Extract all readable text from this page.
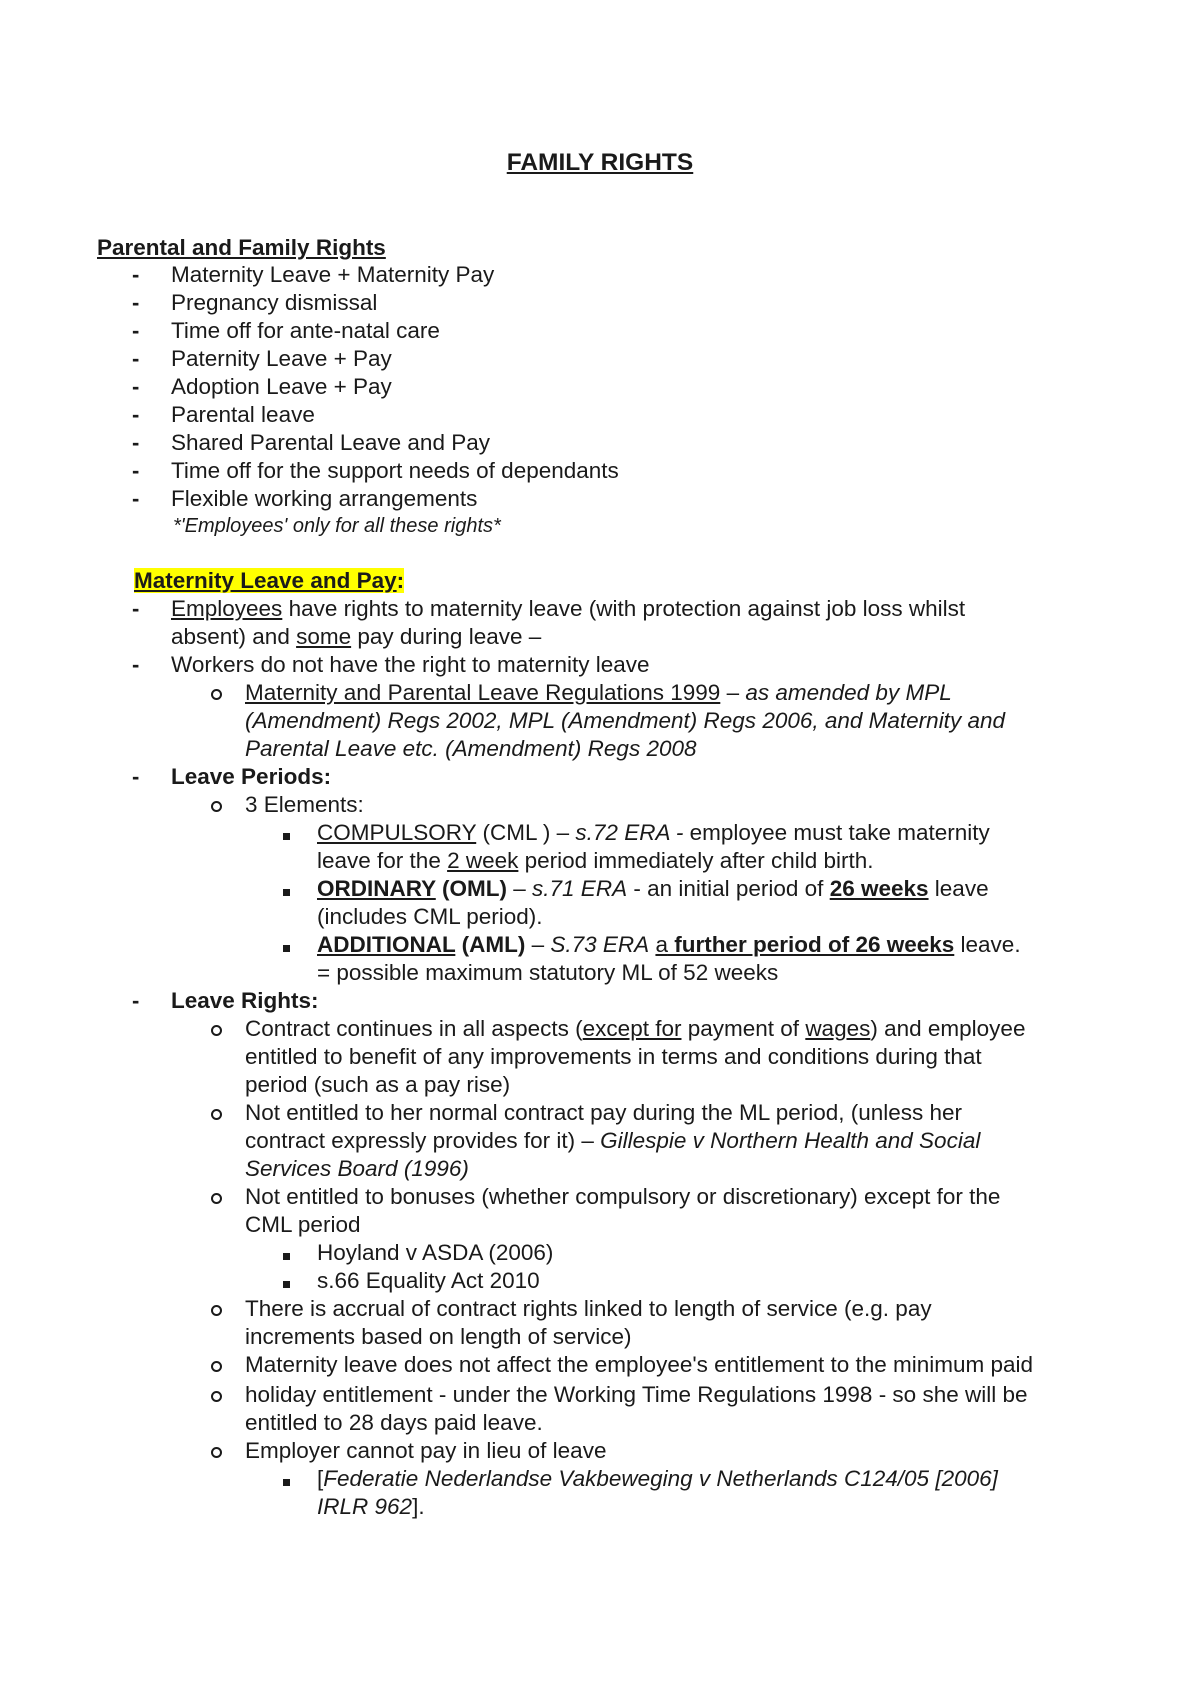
FAMILY RIGHTS
Parental and Family Rights
- Maternity Leave + Maternity Pay
- Pregnancy dismissal
- Time off for ante-natal care
- Paternity Leave + Pay
- Adoption Leave + Pay
- Parental leave
- Shared Parental Leave and Pay
- Time off for the support needs of dependants
- Flexible working arrangements
*'Employees' only for all these rights*
Maternity Leave and Pay:
- Employees have rights to maternity leave (with protection against job loss whilst
absent) and some pay during leave –
- Workers do not have the right to maternity leave
Maternity and Parental Leave Regulations 1999 – as amended by MPL
(Amendment) Regs 2002, MPL (Amendment) Regs 2006, and Maternity and
Parental Leave etc. (Amendment) Regs 2008
- Leave Periods:
3 Elements:
COMPULSORY (CML ) – s.72 ERA - employee must take maternity
leave for the 2 week period immediately after child birth.
ORDINARY (OML) – s.71 ERA - an initial period of 26 weeks leave
(includes CML period).
ADDITIONAL (AML) – S.73 ERA a further period of 26 weeks leave.
= possible maximum statutory ML of 52 weeks
- Leave Rights:
Contract continues in all aspects (except for payment of wages) and employee
entitled to benefit of any improvements in terms and conditions during that
period (such as a pay rise)
Not entitled to her normal contract pay during the ML period, (unless her
contract expressly provides for it) – Gillespie v Northern Health and Social
Services Board (1996)
Not entitled to bonuses (whether compulsory or discretionary) except for the
CML period
Hoyland v ASDA (2006)
s.66 Equality Act 2010
There is accrual of contract rights linked to length of service (e.g. pay
increments based on length of service)
Maternity leave does not affect the employee's entitlement to the minimum paid
holiday entitlement - under the Working Time Regulations 1998 - so she will be
entitled to 28 days paid leave.
Employer cannot pay in lieu of leave
[Federatie Nederlandse Vakbeweging v Netherlands C124/05 [2006]
IRLR 962].
